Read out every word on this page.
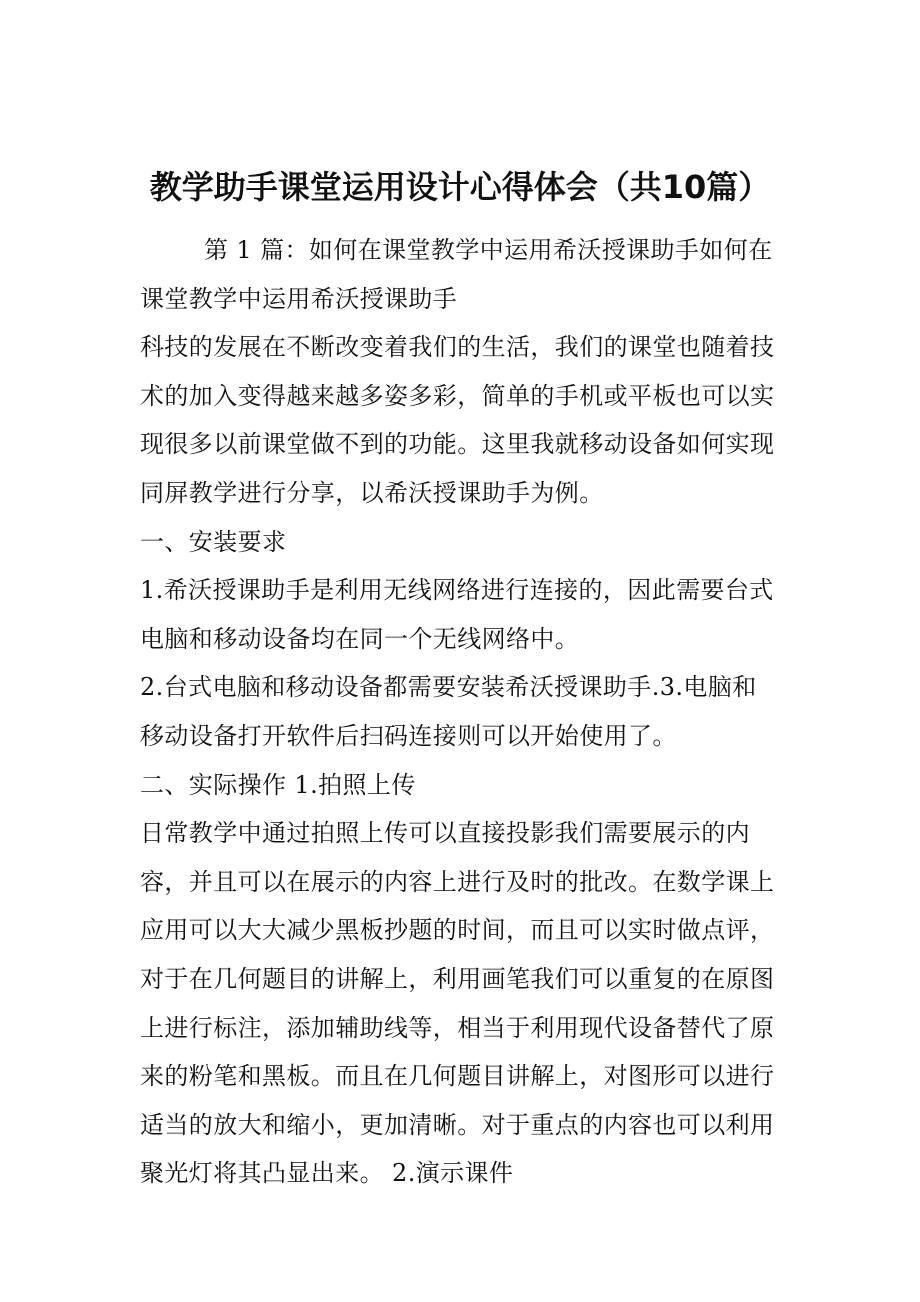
教学助手课堂运用设计心得体会（共10篇）

第 1 篇：如何在课堂教学中运用希沃授课助手如何在

课堂教学中运用希沃授课助手

科技的发展在不断改变着我们的生活，我们的课堂也随着技

术的加入变得越来越多姿多彩，简单的手机或平板也可以实

现很多以前课堂做不到的功能。这里我就移动设备如何实现

同屏教学进行分享，以希沃授课助手为例。

一、安装要求

1.希沃授课助手是利用无线网络进行连接的，因此需要台式

电脑和移动设备均在同一个无线网络中。

2.台式电脑和移动设备都需要安装希沃授课助手.3.电脑和

移动设备打开软件后扫码连接则可以开始使用了。

二、实际操作 1.拍照上传

日常教学中通过拍照上传可以直接投影我们需要展示的内

容，并且可以在展示的内容上进行及时的批改。在数学课上

应用可以大大减少黑板抄题的时间，而且可以实时做点评，

对于在几何题目的讲解上，利用画笔我们可以重复的在原图

上进行标注，添加辅助线等，相当于利用现代设备替代了原

来的粉笔和黑板。而且在几何题目讲解上，对图形可以进行

适当的放大和缩小，更加清晰。对于重点的内容也可以利用

聚光灯将其凸显出来。 2.演示课件
